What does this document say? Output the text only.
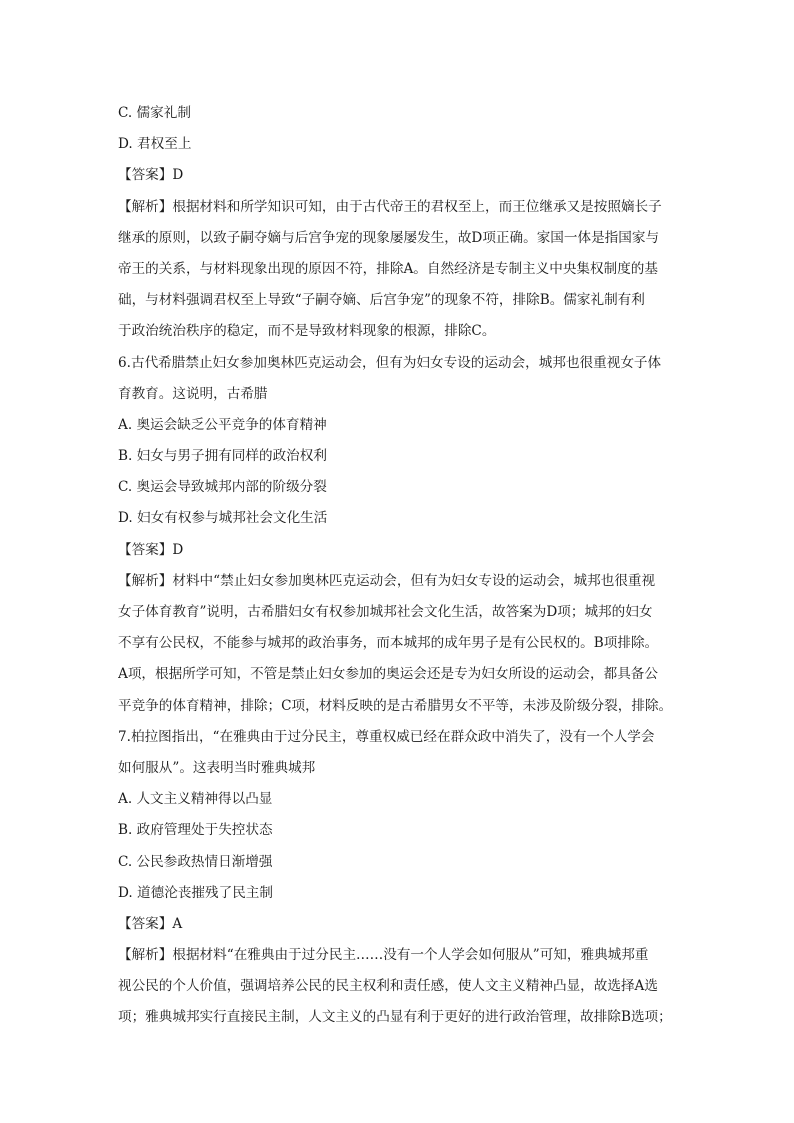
C. 儒家礼制
D. 君权至上
【答案】D
【解析】根据材料和所学知识可知，由于古代帝王的君权至上，而王位继承又是按照嫡长子
继承的原则，以致子嗣夺嫡与后宫争宠的现象屡屡发生，故D项正确。家国一体是指国家与
帝王的关系，与材料现象出现的原因不符，排除A。自然经济是专制主义中央集权制度的基
础，与材料强调君权至上导致“子嗣夺嫡、后宫争宠”的现象不符，排除B。儒家礼制有利
于政治统治秩序的稳定，而不是导致材料现象的根源，排除C。
6.古代希腊禁止妇女参加奥林匹克运动会，但有为妇女专设的运动会，城邦也很重视女子体
育教育。这说明，古希腊
A. 奥运会缺乏公平竞争的体育精神
B. 妇女与男子拥有同样的政治权利
C. 奥运会导致城邦内部的阶级分裂
D. 妇女有权参与城邦社会文化生活
【答案】D
【解析】材料中“禁止妇女参加奥林匹克运动会，但有为妇女专设的运动会，城邦也很重视
女子体育教育”说明，古希腊妇女有权参加城邦社会文化生活，故答案为D项；城邦的妇女
不享有公民权，不能参与城邦的政治事务，而本城邦的成年男子是有公民权的。B项排除。
A项，根据所学可知，不管是禁止妇女参加的奥运会还是专为妇女所设的运动会，都具备公
平竞争的体育精神，排除；C项，材料反映的是古希腊男女不平等，未涉及阶级分裂，排除。
7.柏拉图指出，“在雅典由于过分民主，尊重权威已经在群众政中消失了，没有一个人学会
如何服从”。这表明当时雅典城邦
A. 人文主义精神得以凸显
B. 政府管理处于失控状态
C. 公民参政热情日渐增强
D. 道德沦丧摧残了民主制
【答案】A
【解析】根据材料“在雅典由于过分民主……没有一个人学会如何服从”可知，雅典城邦重
视公民的个人价值，强调培养公民的民主权利和责任感，使人文主义精神凸显，故选择A选
项；雅典城邦实行直接民主制，人文主义的凸显有利于更好的进行政治管理，故排除B选项；
